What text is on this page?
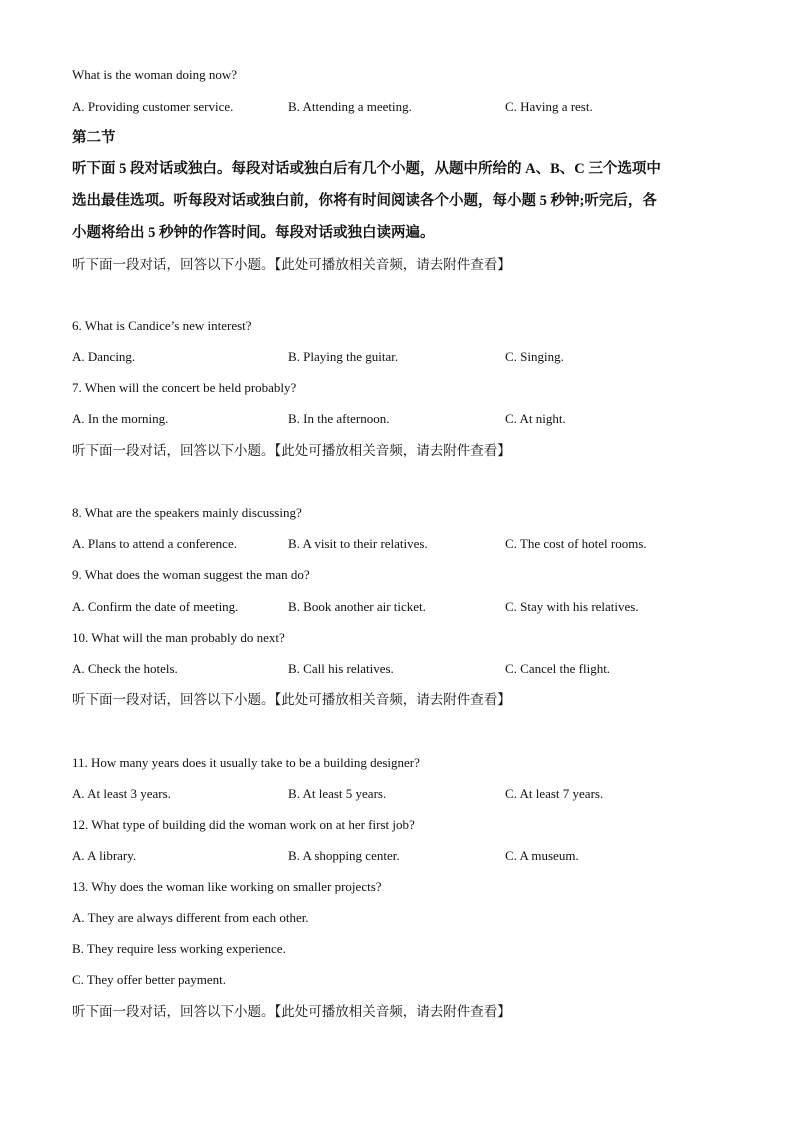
What is the woman doing now?
A. Providing customer service.	B. Attending a meeting.	C. Having a rest.
第二节
听下面 5 段对话或独白。每段对话或独白后有几个小题，从题中所给的 A、B、C 三个选项中
选出最佳选项。听每段对话或独白前，你将有时间阅读各个小题，每小题 5 秒钟;听完后，各
小题将给出 5 秒钟的作答时间。每段对话或独白读两遍。
听下面一段对话，回答以下小题。【此处可播放相关音频，请去附件查看】
6. What is Candice’s new interest?
A. Dancing.	B. Playing the guitar.	C. Singing.
7. When will the concert be held probably?
A. In the morning.	B. In the afternoon.	C. At night.
听下面一段对话，回答以下小题。【此处可播放相关音频，请去附件查看】
8. What are the speakers mainly discussing?
A. Plans to attend a conference.	B. A visit to their relatives.	C. The cost of hotel rooms.
9. What does the woman suggest the man do?
A. Confirm the date of meeting.	B. Book another air ticket.	C. Stay with his relatives.
10. What will the man probably do next?
A. Check the hotels.	B. Call his relatives.	C. Cancel the flight.
听下面一段对话，回答以下小题。【此处可播放相关音频，请去附件查看】
11. How many years does it usually take to be a building designer?
A. At least 3 years.	B. At least 5 years.	C. At least 7 years.
12. What type of building did the woman work on at her first job?
A. A library.	B. A shopping center.	C. A museum.
13. Why does the woman like working on smaller projects?
A. They are always different from each other.
B. They require less working experience.
C. They offer better payment.
听下面一段对话，回答以下小题。【此处可播放相关音频，请去附件查看】
